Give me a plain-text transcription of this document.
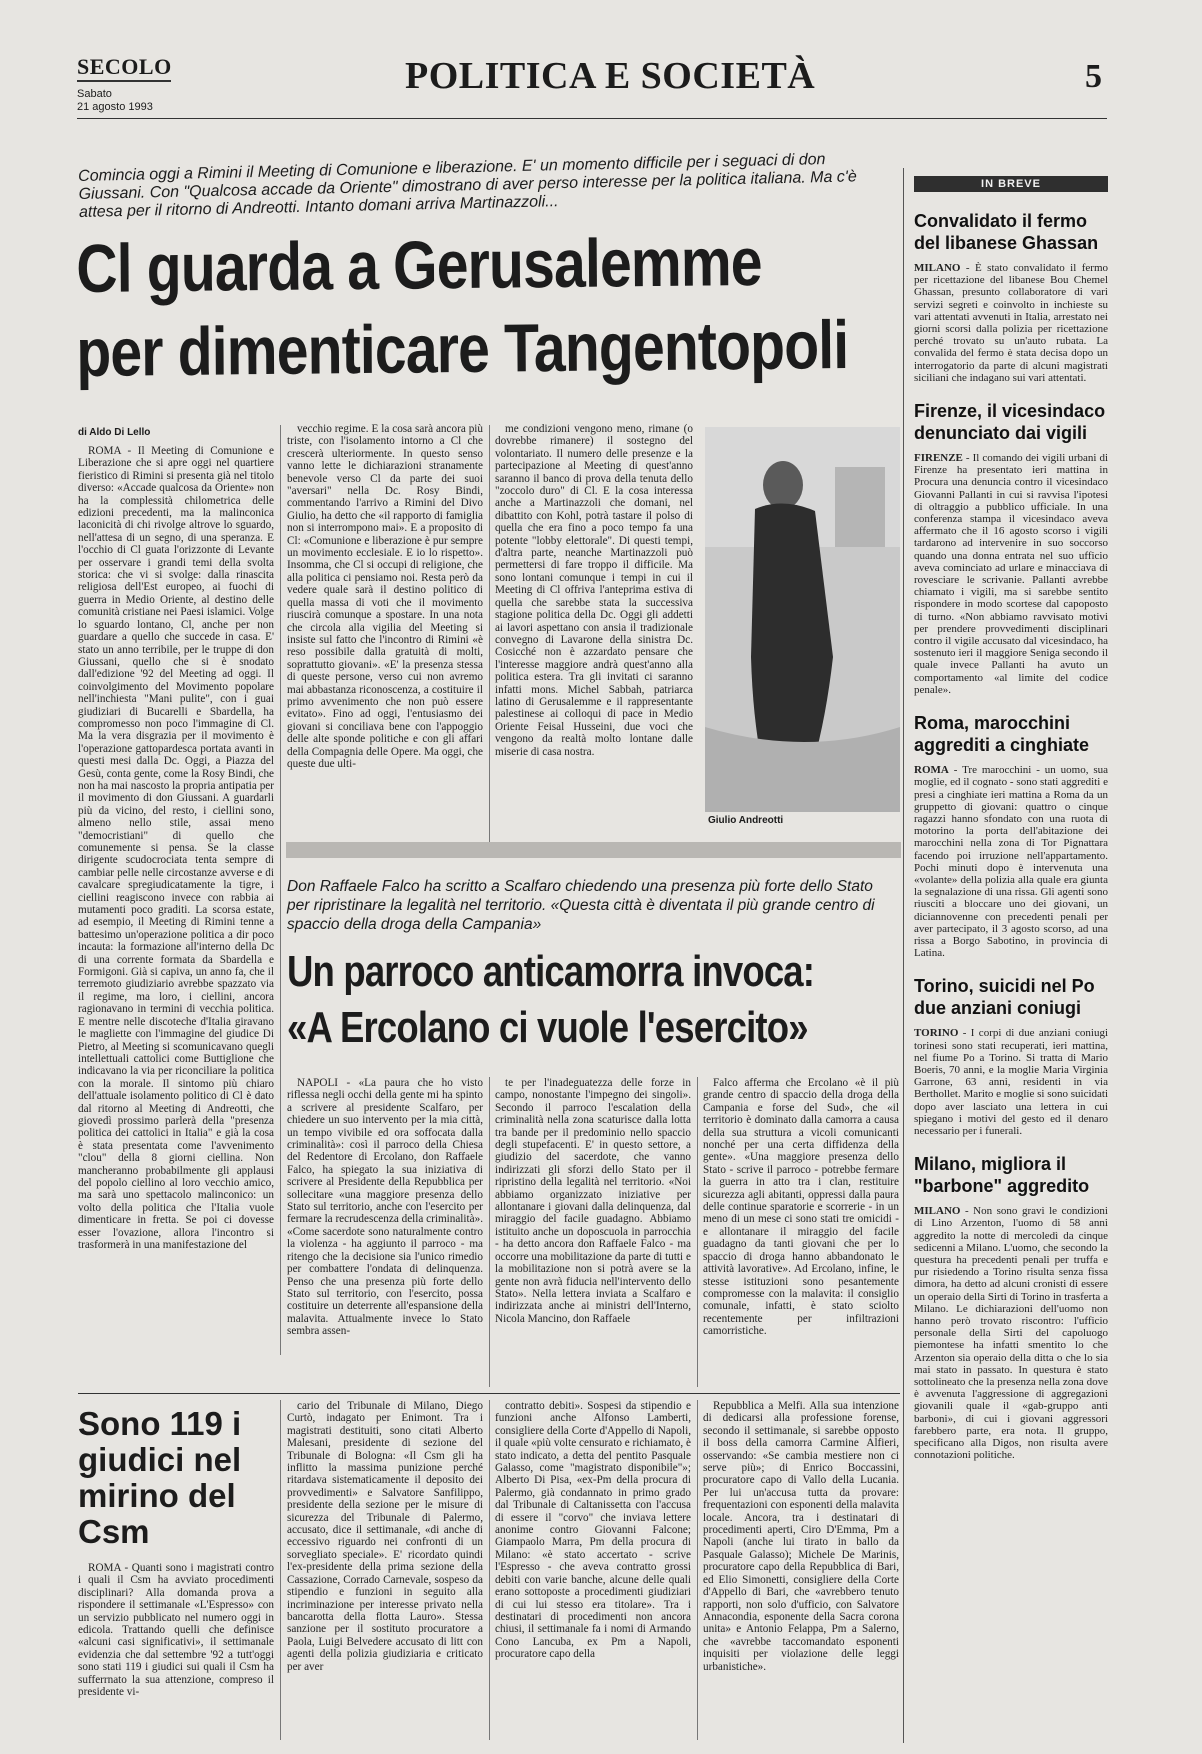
SECOLO
Sabato
21 agosto 1993
POLITICA E SOCIETÀ	5
Comincia oggi a Rimini il Meeting di Comunione e liberazione. E' un momento difficile per i seguaci di don Giussani. Con "Qualcosa accade da Oriente" dimostrano di aver perso interesse per la politica italiana. Ma c'è attesa per il ritorno di Andreotti. Intanto domani arriva Martinazzoli...
Cl guarda a Gerusalemme
per dimenticare Tangentopoli
di Aldo Di Lello

ROMA - Il Meeting di Comunione e Liberazione che si apre oggi nel quartiere fieristico di Rimini si presenta già nel titolo diverso: «Accade qualcosa da Oriente» non ha la complessità chilometrica delle edizioni precedenti, ma la malinconica laconicità di chi rivolge altrove lo sguardo, nell'attesa di un segno, di una speranza. E l'occhio di Cl guata l'orizzonte di Levante per osservare i grandi temi della svolta storica: che vi si svolge: dalla rinascita religiosa dell'Est europeo, ai fuochi di guerra in Medio Oriente, al destino delle comunità cristiane nei Paesi islamici. Volge lo sguardo lontano, Cl, anche per non guardare a quello che succede in casa. E' stato un anno terribile, per le truppe di don Giussani, quello che si è snodato dall'edizione '92 del Meeting ad oggi. Il coinvolgimento del Movimento popolare nell'inchiesta "Mani pulite", con i guai giudiziari di Bucarelli e Sbardella, ha compromesso non poco l'immagine di Cl. Ma la vera disgrazia per il movimento è l'operazione gattopardesca portata avanti in questi mesi dalla Dc. Oggi, a Piazza del Gesù, conta gente, come la Rosy Bindi, che non ha mai nascosto la propria antipatia per il movimento di don Giussani. A guardarli più da vicino, del resto, i ciellini sono, almeno nello stile, assai meno "democristiani" di quello che comunemente si pensa. Se la classe dirigente scudocrociata tenta sempre di cambiar pelle nelle circostanze avverse e di cavalcare spregiudicatamente la tigre, i ciellini reagiscono invece con rabbia ai mutamenti poco graditi. La scorsa estate, ad esempio, il Meeting di Rimini tenne a battesimo un'operazione politica a dir poco incauta: la formazione all'interno della Dc di una corrente formata da Sbardella e Formigoni. Già si capiva, un anno fa, che il terremoto giudiziario avrebbe spazzato via il regime, ma loro, i ciellini, ancora ragionavano in termini di vecchia politica. E mentre nelle discoteche d'Italia giravano le magliette con l'immagine del giudice Di Pietro, al Meeting si scomunicavano quegli intellettuali cattolici come Buttiglione che indicavano la via per riconciliare la politica con la morale. Il sintomo più chiaro dell'attuale isolamento politico di Cl è dato dal ritorno al Meeting di Andreotti, che giovedì prossimo parlerà della "presenza politica dei cattolici in Italia" e già la cosa è stata presentata come l'avvenimento "clou" della 8 giorni ciellina. Non mancheranno probabilmente gli applausi del popolo ciellino al loro vecchio amico, ma sarà uno spettacolo malinconico: un volto della politica che l'Italia vuole dimenticare in fretta. Se poi ci dovesse esser l'ovazione, allora l'incontro si trasformerà in una manifestazione del

vecchio regime. E la cosa sarà ancora più triste, con l'isolamento intorno a Cl che crescerà ulteriormente. In questo senso vanno lette le dichiarazioni stranamente benevole verso Cl da parte dei suoi "aversari" nella Dc. Rosy Bindi, commentando l'arrivo a Rimini del Divo Giulio, ha detto che «il rapporto di famiglia non si interrompono mai». E a proposito di Cl: «Comunione e liberazione è pur sempre un movimento ecclesiale. E io lo rispetto». Insomma, che Cl si occupi di religione, che alla politica ci pensiamo noi. Resta però da vedere quale sarà il destino politico di quella massa di voti che il movimento riuscirà comunque a spostare. In una nota che circola alla vigilia del Meeting si insiste sul fatto che l'incontro di Rimini «è reso possibile dalla gratuità di molti, soprattutto giovani». «E' la presenza stessa di queste persone, verso cui non avremo mai abbastanza riconoscenza, a costituire il primo avvenimento che non può essere evitato». Fino ad oggi, l'entusiasmo dei giovani si conciliava bene con l'appoggio delle alte sponde politiche e con gli affari della Compagnia delle Opere. Ma oggi, che queste due ulti-

me condizioni vengono meno, rimane (o dovrebbe rimanere) il sostegno del volontariato. Il numero delle presenze e la partecipazione al Meeting di quest'anno saranno il banco di prova della tenuta dello "zoccolo duro" di Cl. E la cosa interessa anche a Martinazzoli che domani, nel dibattito con Kohl, potrà tastare il polso di quella che era fino a poco tempo fa una potente "lobby elettorale". Di questi tempi, d'altra parte, neanche Martinazzoli può permettersi di fare troppo il difficile. Ma sono lontani comunque i tempi in cui il Meeting di Cl offriva l'anteprima estiva di quella che sarebbe stata la successiva stagione politica della Dc. Oggi gli addetti ai lavori aspettano con ansia il tradizionale convegno di Lavarone della sinistra Dc. Cosicché non è azzardato pensare che l'interesse maggiore andrà quest'anno alla politica estera. Tra gli invitati ci saranno infatti mons. Michel Sabbah, patriarca latino di Gerusalemme e il rappresentante palestinese ai colloqui di pace in Medio Oriente Feisal Husseini, due voci che vengono da realtà molto lontane dalle miserie di casa nostra.

Giulio Andreotti
Don Raffaele Falco ha scritto a Scalfaro chiedendo una presenza più forte dello Stato per ripristinare la legalità nel territorio. «Questa città è diventata il più grande centro di spaccio della droga della Campania»
Un parroco anticamorra invoca:
«A Ercolano ci vuole l'esercito»

NAPOLI - «La paura che ho visto riflessa negli occhi della gente mi ha spinto a scrivere al presidente Scalfaro, per chiedere un suo intervento per la mia città, un tempo vivibile ed ora soffocata dalla criminalità»: così il parroco della Chiesa del Redentore di Ercolano, don Raffaele Falco, ha spiegato la sua iniziativa di scrivere al Presidente della Repubblica per sollecitare «una maggiore presenza dello Stato sul territorio, anche con l'esercito per fermare la recrudescenza della criminalità». «Come sacerdote sono naturalmente contro la violenza - ha aggiunto il parroco - ma ritengo che la decisione sia l'unico rimedio per combattere l'ondata di delinquenza. Penso che una presenza più forte dello Stato sul territorio, con l'esercito, possa costituire un deterrente all'espansione della malavita. Attualmente invece lo Stato sembra assen-

te per l'inadeguatezza delle forze in campo, nonostante l'impegno dei singoli». Secondo il parroco l'escalation della criminalità nella zona scaturisce dalla lotta tra bande per il predominio nello spaccio degli stupefacenti. E' in questo settore, a giudizio del sacerdote, che vanno indirizzati gli sforzi dello Stato per il ripristino della legalità nel territorio. «Noi abbiamo organizzato iniziative per allontanare i giovani dalla delinquenza, dal miraggio del facile guadagno. Abbiamo istituito anche un doposcuola in parrocchia - ha detto ancora don Raffaele Falco - ma occorre una mobilitazione da parte di tutti e la mobilitazione non si potrà avere se la gente non avrà fiducia nell'intervento dello Stato». Nella lettera inviata a Scalfaro e indirizzata anche ai ministri dell'Interno, Nicola Mancino, don Raffaele

Falco afferma che Ercolano «è il più grande centro di spaccio della droga della Campania e forse del Sud», che «il territorio è dominato dalla camorra a causa della sua struttura a vicoli comunicanti nonché per una certa diffidenza della gente». «Una maggiore presenza dello Stato - scrive il parroco - potrebbe fermare la guerra in atto tra i clan, restituire sicurezza agli abitanti, oppressi dalla paura delle continue sparatorie e scorrerie - in un meno di un mese ci sono stati tre omicidi - e allontanare il miraggio del facile guadagno da tanti giovani che per lo spaccio di droga hanno abbandonato le attività lavorative». Ad Ercolano, infine, le stesse istituzioni sono pesantemente compromesse con la malavita: il consiglio comunale, infatti, è stato sciolto recentemente per infiltrazioni camorristiche.

Sono 119 i giudici nel mirino del Csm

ROMA - Quanti sono i magistrati contro i quali il Csm ha avviato procedimenti disciplinari? Alla domanda prova a rispondere il settimanale «L'Espresso» con un servizio pubblicato nel numero oggi in edicola. Trattando quelli che definisce «alcuni casi significativi», il settimanale evidenzia che dal settembre '92 a tutt'oggi sono stati 119 i giudici sui quali il Csm ha sufferrnato la sua attenzione, compreso il presidente vi-

cario del Tribunale di Milano, Diego Curtò, indagato per Enimont. Tra i magistrati destituiti, sono citati Alberto Malesani, presidente di sezione del Tribunale di Bologna: «Il Csm gli ha inflitto la massima punizione perché ritardava sistematicamente il deposito dei provvedimenti» e Salvatore Sanfilippo, presidente della sezione per le misure di sicurezza del Tribunale di Palermo, accusato, dice il settimanale, «di anche di eccessivo riguardo nei confronti di un sorvegliato speciale». E' ricordato quindi l'ex-presidente della prima sezione della Cassazione, Corrado Carnevale, sospeso da stipendio e funzioni in seguito alla incriminazione per interesse privato nella bancarotta della flotta Lauro». Stessa sanzione per il sostituto procuratore a Paola, Luigi Belvedere accusato di litt con agenti della polizia giudiziaria e criticato per aver

contratto debiti». Sospesi da stipendio e funzioni anche Alfonso Lamberti, consigliere della Corte d'Appello di Napoli, il quale «più volte censurato e richiamato, è stato indicato, a detta del pentito Pasquale Galasso, come "magistrato disponibile"»; Alberto Di Pisa, «ex-Pm della procura di Palermo, già condannato in primo grado dal Tribunale di Caltanissetta con l'accusa di essere il "corvo" che inviava lettere anonime contro Giovanni Falcone; Giampaolo Marra, Pm della procura di Milano: «è stato accertato - scrive l'Espresso - che aveva contratto grossi debiti con varie banche, alcune delle quali erano sottoposte a procedimenti giudiziari di cui lui stesso era titolare». Tra i destinatari di procedimenti non ancora chiusi, il settimanale fa i nomi di Armando Cono Lancuba, ex Pm a Napoli, procuratore capo della

Repubblica a Melfi. Alla sua intenzione di dedicarsi alla professione forense, secondo il settimanale, si sarebbe opposto il boss della camorra Carmine Alfieri, osservando: «Se cambia mestiere non ci serve più»; di Enrico Boccassini, procuratore capo di Vallo della Lucania. Per lui un'accusa tutta da provare: frequentazioni con esponenti della malavita locale. Ancora, tra i destinatari di procedimenti aperti, Ciro D'Emma, Pm a Napoli (anche lui tirato in ballo da Pasquale Galasso); Michele De Marinis, procuratore capo della Repubblica di Bari, ed Elio Simonetti, consigliere della Corte d'Appello di Bari, che «avrebbero tenuto rapporti, non solo d'ufficio, con Salvatore Annacondia, esponente della Sacra corona unita» e Antonio Felappa, Pm a Salerno, che «avrebbe taccomandato esponenti inquisiti per violazione delle leggi urbanistiche».

IN BREVE
Convalidato il fermo del libanese Ghassan
MILANO - È stato convalidato il fermo per ricettazione del libanese Bou Chemel Ghassan, presunto collaboratore di vari servizi segreti e coinvolto in inchieste su vari attentati avvenuti in Italia, arrestato nei giorni scorsi dalla polizia per ricettazione perché trovato su un'auto rubata. La convalida del fermo è stata decisa dopo un interrogatorio da parte di alcuni magistrati siciliani che indagano sui vari attentati.
Firenze, il vicesindaco denunciato dai vigili
FIRENZE - Il comando dei vigili urbani di Firenze ha presentato ieri mattina in Procura una denuncia contro il vicesindaco Giovanni Pallanti in cui si ravvisa l'ipotesi di oltraggio a pubblico ufficiale. In una conferenza stampa il vicesindaco aveva affermato che il 16 agosto scorso i vigili tardarono ad intervenire in suo soccorso quando una donna entrata nel suo ufficio aveva cominciato ad urlare e minacciava di rovesciare le scrivanie. Pallanti avrebbe chiamato i vigili, ma si sarebbe sentito rispondere in modo scortese dal capoposto di turno. «Non abbiamo ravvisato motivi per prendere provvedimenti disciplinari contro il vigile accusato dal vicesindaco, ha sostenuto ieri il maggiore Seniga secondo il quale invece Pallanti ha avuto un comportamento «al limite del codice penale».
Roma, marocchini aggrediti a cinghiate
ROMA - Tre marocchini - un uomo, sua moglie, ed il cognato - sono stati aggrediti e presi a cinghiate ieri mattina a Roma da un gruppetto di giovani: quattro o cinque ragazzi hanno sfondato con una ruota di motorino la porta dell'abitazione dei marocchini nella zona di Tor Pignattara facendo poi irruzione nell'appartamento. Pochi minuti dopo è intervenuta una «volante» della polizia alla quale era giunta la segnalazione di una rissa. Gli agenti sono riusciti a bloccare uno dei giovani, un diciannovenne con precedenti penali per aver partecipato, il 3 agosto scorso, ad una rissa a Borgo Sabotino, in provincia di Latina.
Torino, suicidi nel Po due anziani coniugi
TORINO - I corpi di due anziani coniugi torinesi sono stati recuperati, ieri mattina, nel fiume Po a Torino. Si tratta di Mario Boeris, 70 anni, e la moglie Maria Virginia Garrone, 63 anni, residenti in via Berthollet. Marito e moglie si sono suicidati dopo aver lasciato una lettera in cui spiegano i motivi del gesto ed il denaro necessario per i funerali.
Milano, migliora il "barbone" aggredito
MILANO - Non sono gravi le condizioni di Lino Arzenton, l'uomo di 58 anni aggredito la notte di mercoledì da cinque sedicenni a Milano. L'uomo, che secondo la questura ha precedenti penali per truffa e pur risiedendo a Torino risulta senza fissa dimora, ha detto ad alcuni cronisti di essere un operaio della Sirti di Torino in trasferta a Milano. Le dichiarazioni dell'uomo non hanno però trovato riscontro: l'ufficio personale della Sirti del capoluogo piemontese ha infatti smentito lo che Arzenton sia operaio della ditta o che lo sia mai stato in passato. In questura è stato sottolineato che la presenza nella zona dove è avvenuta l'aggressione di aggregazioni giovanili quale il «gab-gruppo anti barboni», di cui i giovani aggressori farebbero parte, era nota. Il gruppo, specificano alla Digos, non risulta avere connotazioni politiche.
